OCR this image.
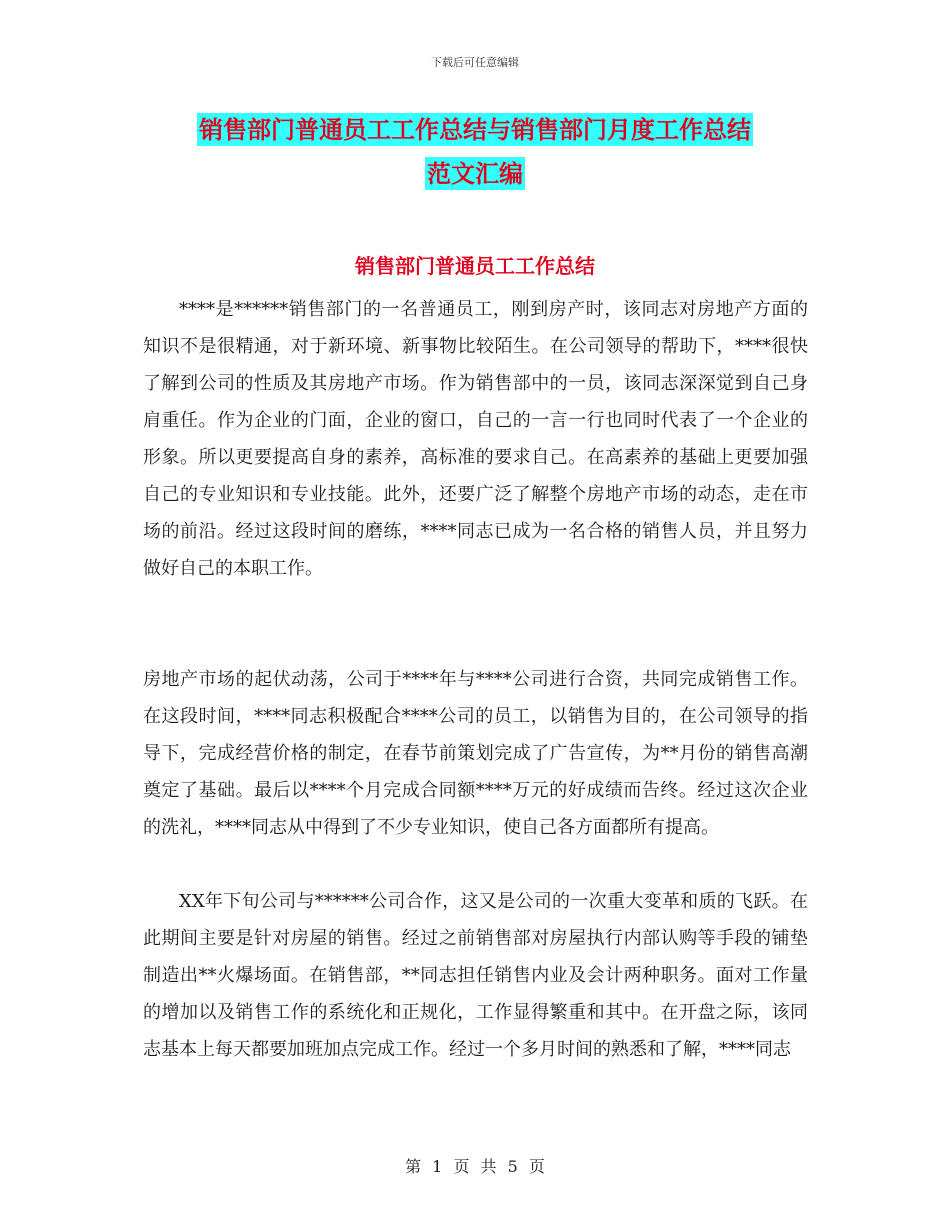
下载后可任意编辑
销售部门普通员工工作总结与销售部门月度工作总结
范文汇编
销售部门普通员工工作总结

****是******销售部门的一名普通员工，刚到房产时，该同志对房地产方面的知识不是很精通，对于新环境、新事物比较陌生。在公司领导的帮助下，****很快了解到公司的性质及其房地产市场。作为销售部中的一员，该同志深深觉到自己身肩重任。作为企业的门面，企业的窗口，自己的一言一行也同时代表了一个企业的形象。所以更要提高自身的素养，高标准的要求自己。在高素养的基础上更要加强自己的专业知识和专业技能。此外，还要广泛了解整个房地产市场的动态，走在市场的前沿。经过这段时间的磨练，****同志已成为一名合格的销售人员，并且努力做好自己的本职工作。

房地产市场的起伏动荡，公司于****年与****公司进行合资，共同完成销售工作。在这段时间，****同志积极配合****公司的员工，以销售为目的，在公司领导的指导下，完成经营价格的制定，在春节前策划完成了广告宣传，为**月份的销售高潮奠定了基础。最后以****个月完成合同额****万元的好成绩而告终。经过这次企业的洗礼，****同志从中得到了不少专业知识，使自己各方面都所有提高。

XX年下旬公司与******公司合作，这又是公司的一次重大变革和质的飞跃。在此期间主要是针对房屋的销售。经过之前销售部对房屋执行内部认购等手段的铺垫制造出**火爆场面。在销售部，**同志担任销售内业及会计两种职务。面对工作量的增加以及销售工作的系统化和正规化，工作显得繁重和其中。在开盘之际，该同志基本上每天都要加班加点完成工作。经过一个多月时间的熟悉和了解，****同志

第 1 页 共 5 页
